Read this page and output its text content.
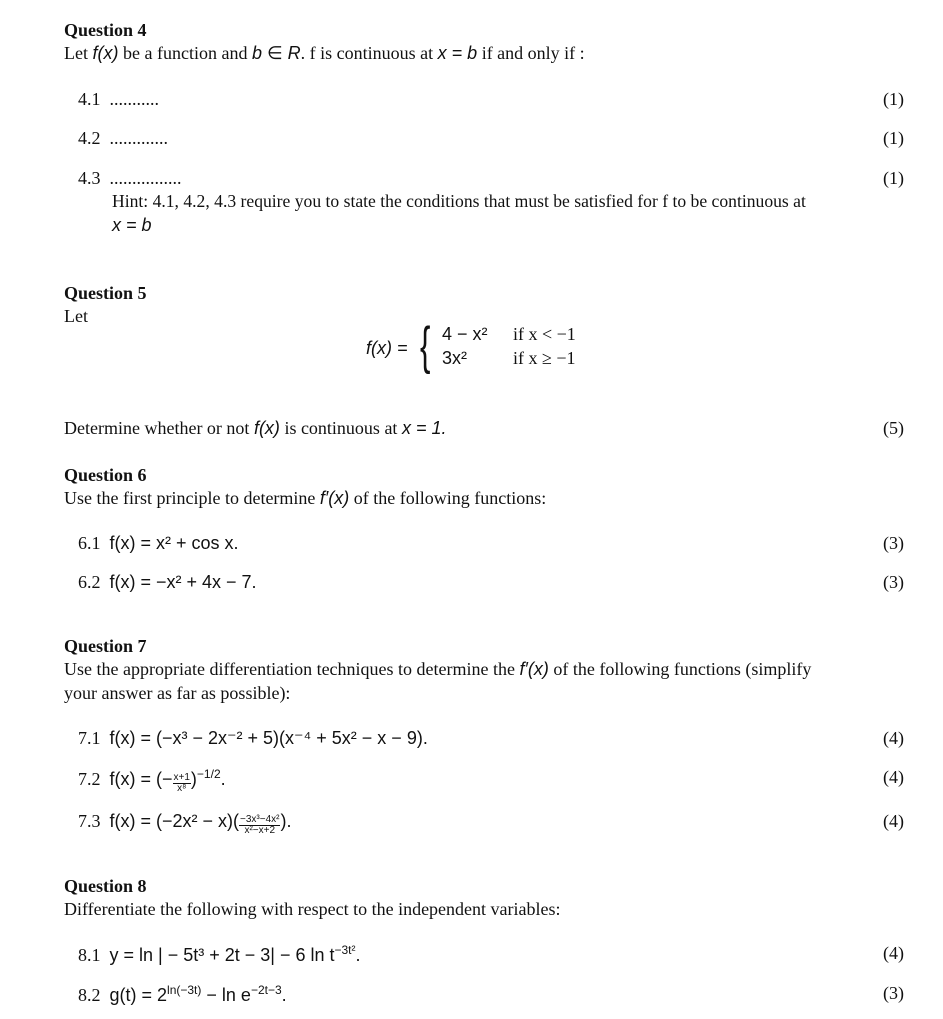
Question 4
Let f(x) be a function and b ∈ R. f is continuous at x = b if and only if :
4.1 ...........	(1)
4.2 .............	(1)
4.3 ................	(1)
Hint: 4.1, 4.2, 4.3 require you to state the conditions that must be satisfied for f to be continuous at
x = b
Question 5
Let
f(x) = { 4 − x² if x < −1
3x²	if x ≥ −1
Determine whether or not f(x) is continuous at x = 1.	(5)
Question 6
Use the first principle to determine f′(x) of the following functions:
6.1 f(x) = x² + cos x.	(3)
6.2 f(x) = −x² + 4x − 7.	(3)
Question 7
Use the appropriate differentiation techniques to determine the f′(x) of the following functions (simplify
your answer as far as possible):
7.1 f(x) = (−x³ − 2x⁻² + 5)(x⁻⁴ + 5x² − x − 9).	(4)
7.2 f(x) = (− $\frac{x+1}{\text{x⁸}} )^{-1/2}$.	(4)
7.3 $f(x) = (-2x^2 - x)( \frac{\text{−3x³−4x²}}{\text{x²−x+2}}$ ).	(4)
Question 8
Differentiate the following with respect to the independent variables:
8.1 y = ln | − 5t³ + 2t − 3| − 6 $\ln t^{-3t^2}$.	(4)
8.2 $g(t) = 2^{ln(-3t)} - \ln e^{-2t-3}$.	(3)
